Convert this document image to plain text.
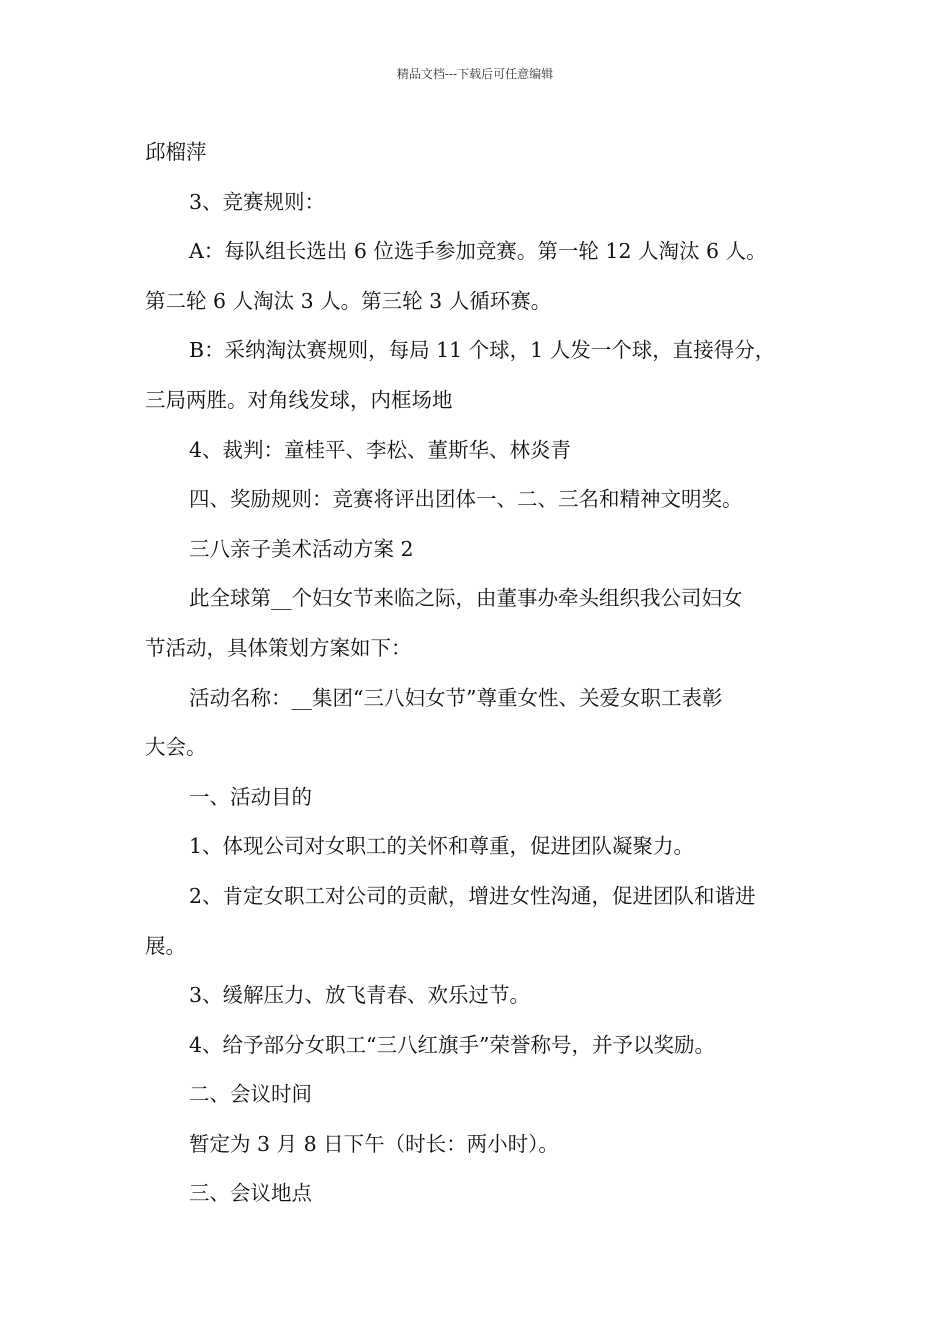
精品文档---下载后可任意编辑

邱榴萍

3、竞赛规则：

A：每队组长选出 6 位选手参加竞赛。第一轮 12 人淘汰 6 人。

第二轮 6 人淘汰 3 人。第三轮 3 人循环赛。

B：采纳淘汰赛规则，每局 11 个球，1 人发一个球，直接得分，

三局两胜。对角线发球，内框场地

4、裁判：童桂平、李松、董斯华、林炎青

四、奖励规则：竞赛将评出团体一、二、三名和精神文明奖。

三八亲子美术活动方案 2

此全球第__个妇女节来临之际，由董事办牵头组织我公司妇女

节活动，具体策划方案如下：

活动名称：__集团“三八妇女节”尊重女性、关爱女职工表彰

大会。

一、活动目的

1、体现公司对女职工的关怀和尊重，促进团队凝聚力。

2、肯定女职工对公司的贡献，增进女性沟通，促进团队和谐进

展。

3、缓解压力、放飞青春、欢乐过节。

4、给予部分女职工“三八红旗手”荣誉称号，并予以奖励。

二、会议时间

暂定为 3 月 8 日下午（时长：两小时）。

三、会议地点
